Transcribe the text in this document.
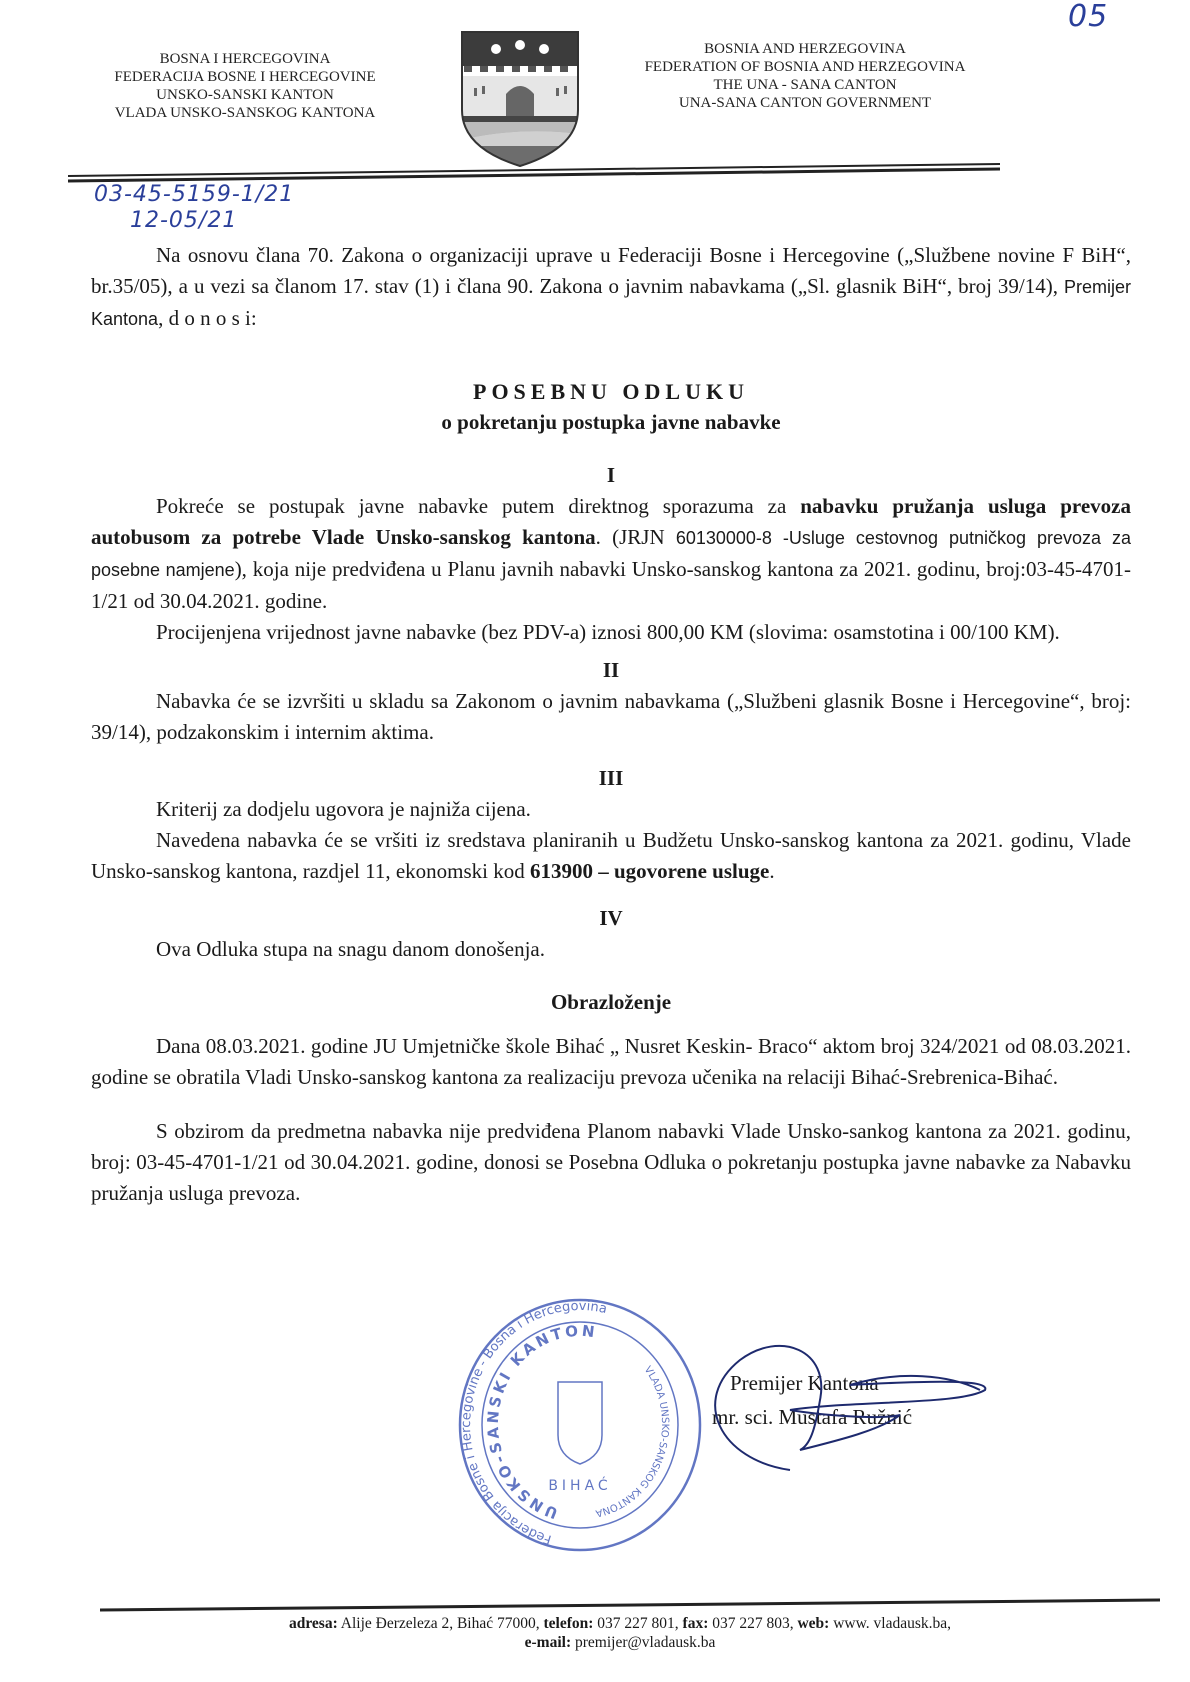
05
BOSNA I HERCEGOVINA
FEDERACIJA BOSNE I HERCEGOVINE
UNSKO-SANSKI KANTON
VLADA UNSKO-SANSKOG KANTONA
BOSNIA AND HERZEGOVINA
FEDERATION OF BOSNIA AND HERZEGOVINA
THE UNA - SANA CANTON
UNA-SANA CANTON GOVERNMENT
03-45-5159-1/21
12-05/21

Na osnovu člana 70. Zakona o organizaciji uprave u Federaciji Bosne i Hercegovine („Službene novine F BiH“, br.35/05), a u vezi sa članom 17. stav (1) i člana 90. Zakona o javnim nabavkama („Sl. glasnik BiH“, broj 39/14), Premijer Kantona, d o n o s i:

POSEBNU ODLUKU
o pokretanju postupka javne nabavke
I

Pokreće se postupak javne nabavke putem direktnog sporazuma za nabavku pružanja usluga prevoza autobusom za potrebe Vlade Unsko-sanskog kantona. (JRJN 60130000-8 -Usluge cestovnog putničkog prevoza za posebne namjene), koja nije predviđena u Planu javnih nabavki Unsko-sanskog kantona za 2021. godinu, broj:03-45-4701-1/21 od 30.04.2021. godine.

Procijenjena vrijednost javne nabavke (bez PDV-a) iznosi 800,00 KM (slovima: osamstotina i 00/100 KM).

II

Nabavka će se izvršiti u skladu sa Zakonom o javnim nabavkama („Službeni glasnik Bosne i Hercegovine“, broj: 39/14), podzakonskim i internim aktima.

III

Kriterij za dodjelu ugovora je najniža cijena.

Navedena nabavka će se vršiti iz sredstava planiranih u Budžetu Unsko-sanskog kantona za 2021. godinu, Vlade Unsko-sanskog kantona, razdjel 11, ekonomski kod 613900 – ugovorene usluge.

IV

Ova Odluka stupa na snagu danom donošenja.

Obrazloženje

Dana 08.03.2021. godine JU Umjetničke škole Bihać „ Nusret Keskin- Braco“ aktom broj 324/2021 od 08.03.2021. godine se obratila Vladi Unsko-sanskog kantona za realizaciju prevoza učenika na relaciji Bihać-Srebrenica-Bihać.

S obzirom da predmetna nabavka nije predviđena Planom nabavki Vlade Unsko-sankog kantona za 2021. godinu, broj: 03-45-4701-1/21 od 30.04.2021. godine, donosi se Posebna Odluka o pokretanju postupka javne nabavke za Nabavku pružanja usluga prevoza.

Federacija Bosne i Hercegovine - Bosna i Hercegovina
UNSKO-SANSKI KANTON
VLADA UNSKO-SANSKOG KANTONA
BIHAĆ
Premijer Kantona
mr. sci. Mustafa Ružnić
adresa: Alije Đerzeleza 2, Bihać 77000, telefon: 037 227 801, fax: 037 227 803, web: www. vladausk.ba,
e-mail: premijer@vladausk.ba
